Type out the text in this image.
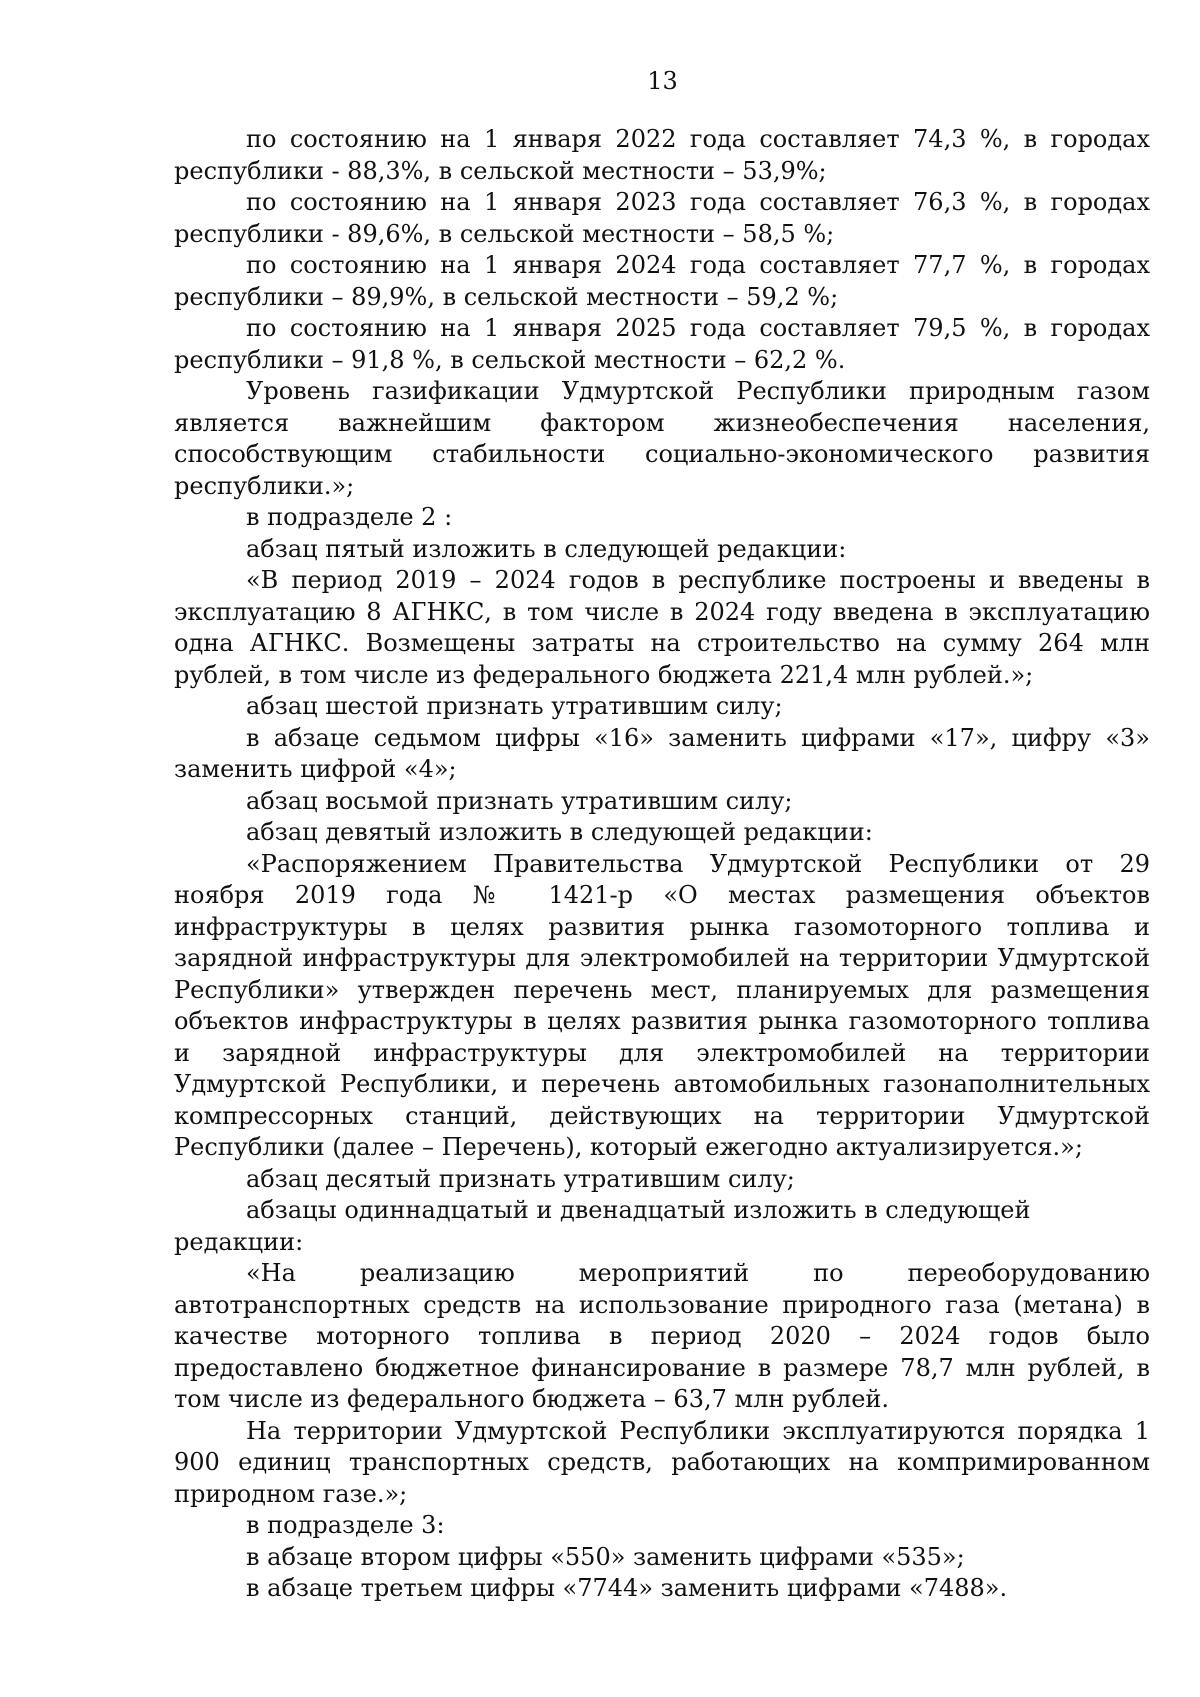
13

по состоянию на 1 января 2022 года составляет 74,3 %, в городах республики - 88,3%, в сельской местности – 53,9%;

по состоянию на 1 января 2023 года составляет 76,3 %, в городах республики - 89,6%, в сельской местности – 58,5 %;

по состоянию на 1 января 2024 года составляет 77,7 %, в городах республики – 89,9%, в сельской местности – 59,2 %;

по состоянию на 1 января 2025 года составляет 79,5 %, в городах республики – 91,8 %, в сельской местности – 62,2 %.

Уровень газификации Удмуртской Республики природным газом является важнейшим фактором жизнеобеспечения населения, способствующим стабильности социально-экономического развития республики.»;

в подразделе 2 :

абзац пятый изложить в следующей редакции:

«В период 2019 – 2024 годов в республике построены и введены в эксплуатацию 8 АГНКС, в том числе в 2024 году введена в эксплуатацию одна АГНКС. Возмещены затраты на строительство на сумму 264 млн рублей, в том числе из федерального бюджета 221,4 млн рублей.»;

абзац шестой признать утратившим силу;

в абзаце седьмом цифры «16» заменить цифрами «17», цифру «3» заменить цифрой «4»;

абзац восьмой признать утратившим силу;

абзац девятый изложить в следующей редакции:

«Распоряжением Правительства Удмуртской Республики от 29 ноября 2019 года № 1421-р «О местах размещения объектов инфраструктуры в целях развития рынка газомоторного топлива и зарядной инфраструктуры для электромобилей на территории Удмуртской Республики» утвержден перечень мест, планируемых для размещения объектов инфраструктуры в целях развития рынка газомоторного топлива и зарядной инфраструктуры для электромобилей на территории Удмуртской Республики, и перечень автомобильных газонаполнительных компрессорных станций, действующих на территории Удмуртской Республики (далее – Перечень), который ежегодно актуализируется.»;

абзац десятый признать утратившим силу;

абзацы одиннадцатый и двенадцатый изложить в следующей редакции:

«На реализацию мероприятий по переоборудованию автотранспортных средств на использование природного газа (метана) в качестве моторного топлива в период 2020 – 2024 годов было предоставлено бюджетное финансирование в размере 78,7 млн рублей, в том числе из федерального бюджета – 63,7 млн рублей.

На территории Удмуртской Республики эксплуатируются порядка 1 900 единиц транспортных средств, работающих на компримированном природном газе.»;

в подразделе 3:

в абзаце втором цифры «550» заменить цифрами «535»;

в абзаце третьем цифры «7744» заменить цифрами «7488».
